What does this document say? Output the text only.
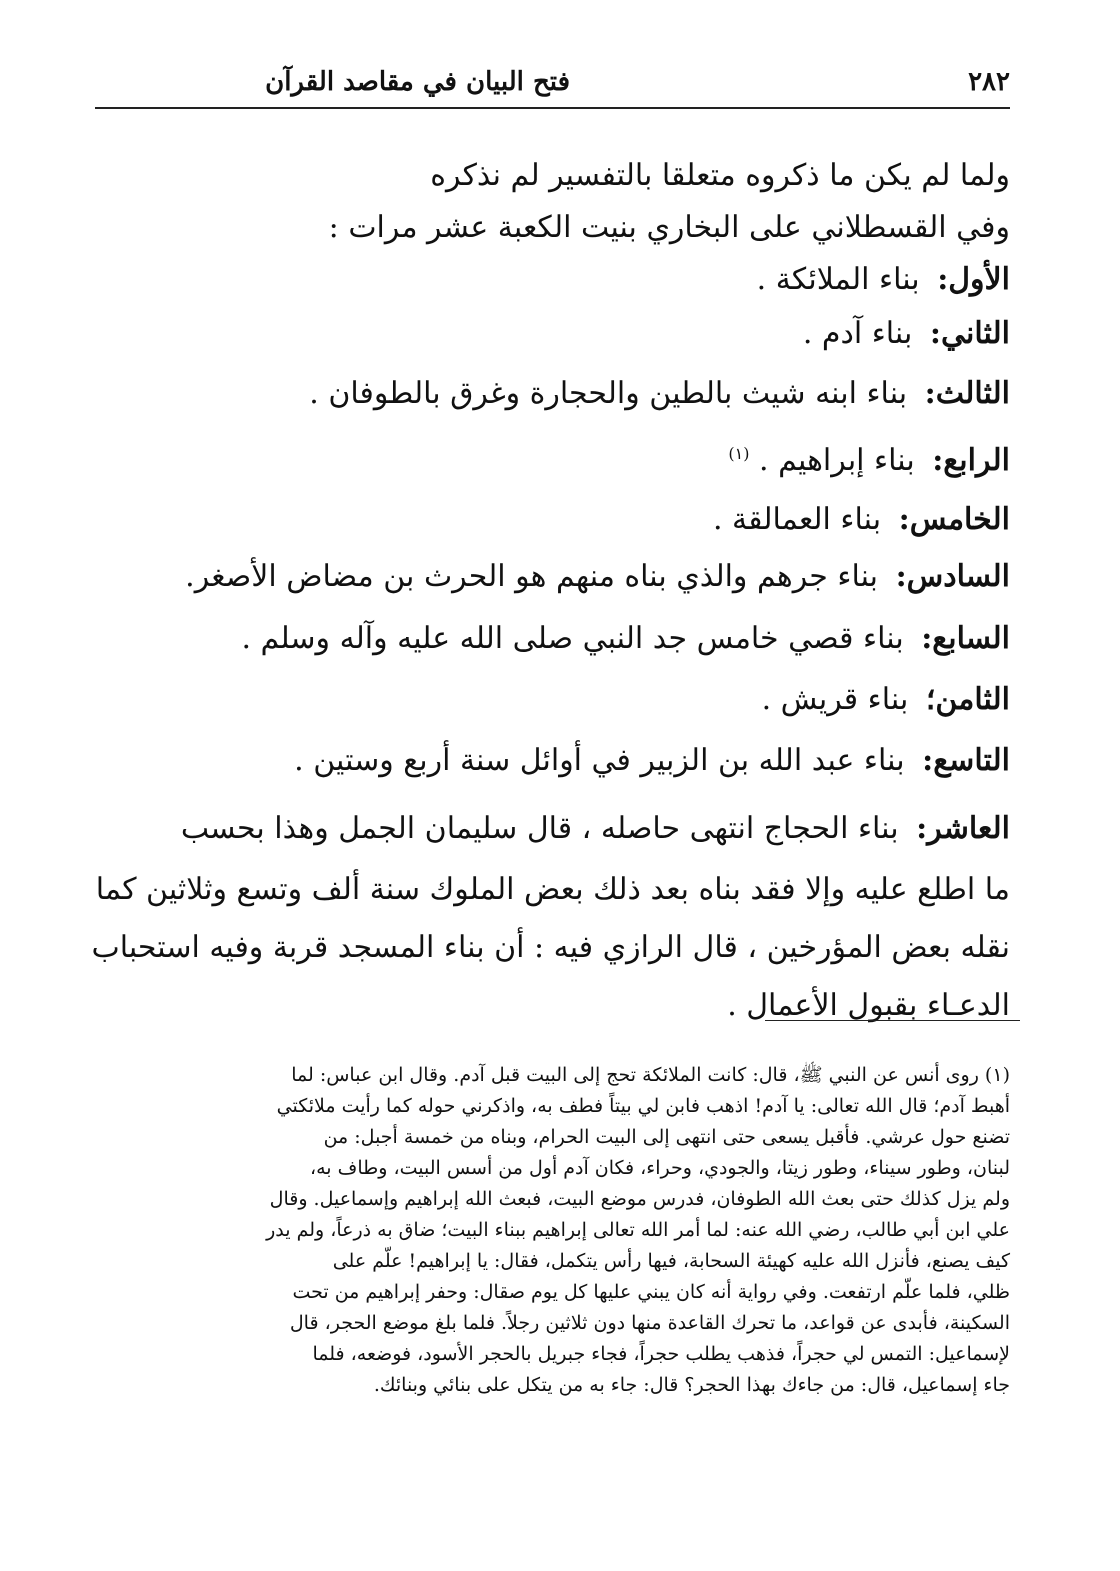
٢٨٢
فتح البيان في مقاصد القرآن

ولما لم يكن ما ذكروه متعلقا بالتفسير لم نذكره

وفي القسطلاني على البخاري بنيت الكعبة عشر مرات :

الأول: بناء الملائكة .
الثاني: بناء آدم .
الثالث: بناء ابنه شيث بالطين والحجارة وغرق بالطوفان .
الرابع: بناء إبراهيم . $^{(١)}$
الخامس: بناء العمالقة .
السادس: بناء جرهم والذي بناه منهم هو الحرث بن مضاض الأصغر.
السابع: بناء قصي خامس جد النبي صلى الله عليه وآله وسلم .
الثامن؛ بناء قريش .
التاسع: بناء عبد الله بن الزبير في أوائل سنة أربع وستين .
العاشر: بناء الحجاج انتهى حاصله ، قال سليمان الجمل وهذا بحسب
ما اطلع عليه وإلا فقد بناه بعد ذلك بعض الملوك سنة ألف وتسع وثلاثين كما
نقله بعض المؤرخين ، قال الرازي فيه : أن بناء المسجد قربة وفيه استحباب
الدعـاء بقبول الأعمال .

(١) روى أنس عن النبي ﷺ، قال: كانت الملائكة تحج إلى البيت قبل آدم. وقال ابن عباس: لما

أهبط آدم؛ قال الله تعالى: يا آدم! اذهب فابن لي بيتاً فطف به، واذكرني حوله كما رأيت ملائكتي

تضنع حول عرشي. فأقبل يسعى حتى انتهى إلى البيت الحرام، وبناه من خمسة أجبل: من

لبنان، وطور سيناء، وطور زيتا، والجودي، وحراء، فكان آدم أول من أسس البيت، وطاف به،

ولم يزل كذلك حتى بعث الله الطوفان، فدرس موضع البيت، فبعث الله إبراهيم وإسماعيل. وقال

علي ابن أبي طالب، رضي الله عنه: لما أمر الله تعالى إبراهيم ببناء البيت؛ ضاق به ذرعاً، ولم يدر

كيف يصنع، فأنزل الله عليه كهيئة السحابة، فيها رأس يتكمل، فقال: يا إبراهيم! علّم على

ظلي، فلما علّم ارتفعت. وفي رواية أنه كان يبني عليها كل يوم صقال: وحفر إبراهيم من تحت

السكينة، فأبدى عن قواعد، ما تحرك القاعدة منها دون ثلاثين رجلاً. فلما بلغ موضع الحجر، قال

لإسماعيل: التمس لي حجراً، فذهب يطلب حجراً، فجاء جبريل بالحجر الأسود، فوضعه، فلما

جاء إسماعيل، قال: من جاءك بهذا الحجر؟ قال: جاء به من يتكل على بنائي وبنائك.
